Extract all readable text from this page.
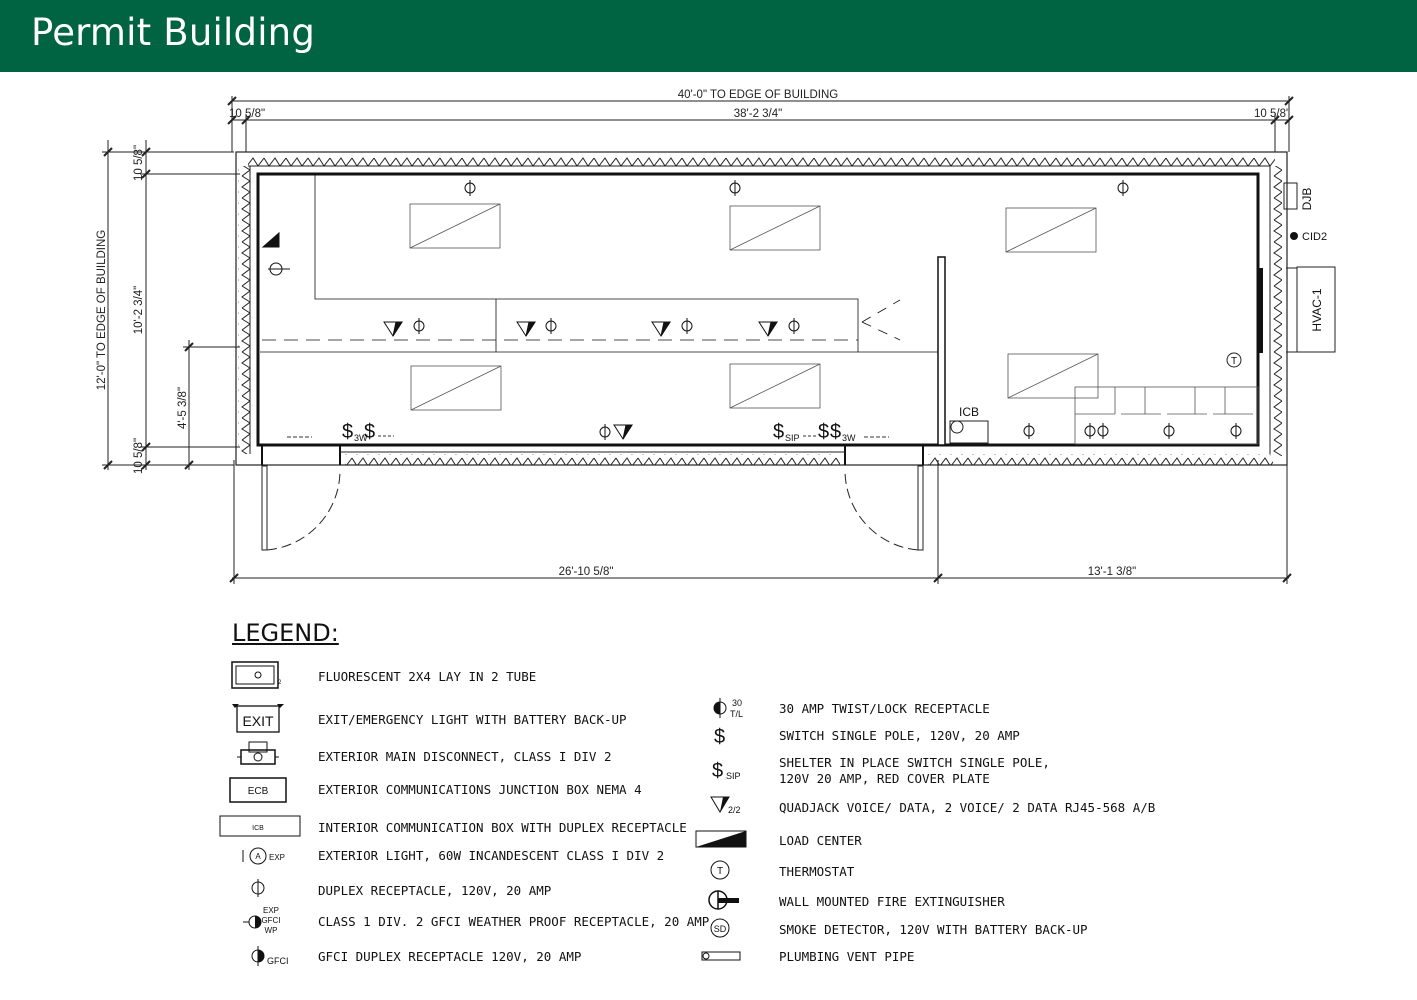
Permit Building
40'-0" TO EDGE OF BUILDING
10 5/8"	38'-2 3/4"	10 5/8"
12'-0" TO EDGE OF BUILDING
10 5/8"
10'-2 3/4"
4'-5 3/8"
10 5/8"
26'-10 5/8"	13'-1 3/8"
$ 3W
$	$ SIP $ $ 3W
ICB
T
DJB
CID2
HVAC-1
LEGEND:
2
EXIT
ECB
ICB
A EXP
EXP
GFCI
WP
GFCI
FLUORESCENT 2X4 LAY IN 2 TUBE
EXIT/EMERGENCY LIGHT WITH BATTERY BACK-UP
EXTERIOR MAIN DISCONNECT, CLASS I DIV 2
EXTERIOR COMMUNICATIONS JUNCTION BOX NEMA 4
INTERIOR COMMUNICATION BOX WITH DUPLEX RECEPTACLE
EXTERIOR LIGHT, 60W INCANDESCENT CLASS I DIV 2
DUPLEX RECEPTACLE, 120V, 20 AMP
CLASS 1 DIV. 2 GFCI WEATHER PROOF RECEPTACLE, 20 AMP
GFCI DUPLEX RECEPTACLE 120V, 20 AMP
30
T/L
$
$ SIP
2/2
T
SD
30 AMP TWIST/LOCK RECEPTACLE
SWITCH SINGLE POLE, 120V, 20 AMP
SHELTER IN PLACE SWITCH SINGLE POLE,
120V 20 AMP, RED COVER PLATE
QUADJACK VOICE/ DATA, 2 VOICE/ 2 DATA RJ45-568 A/B
LOAD CENTER
THERMOSTAT
WALL MOUNTED FIRE EXTINGUISHER
SMOKE DETECTOR, 120V WITH BATTERY BACK-UP
PLUMBING VENT PIPE
